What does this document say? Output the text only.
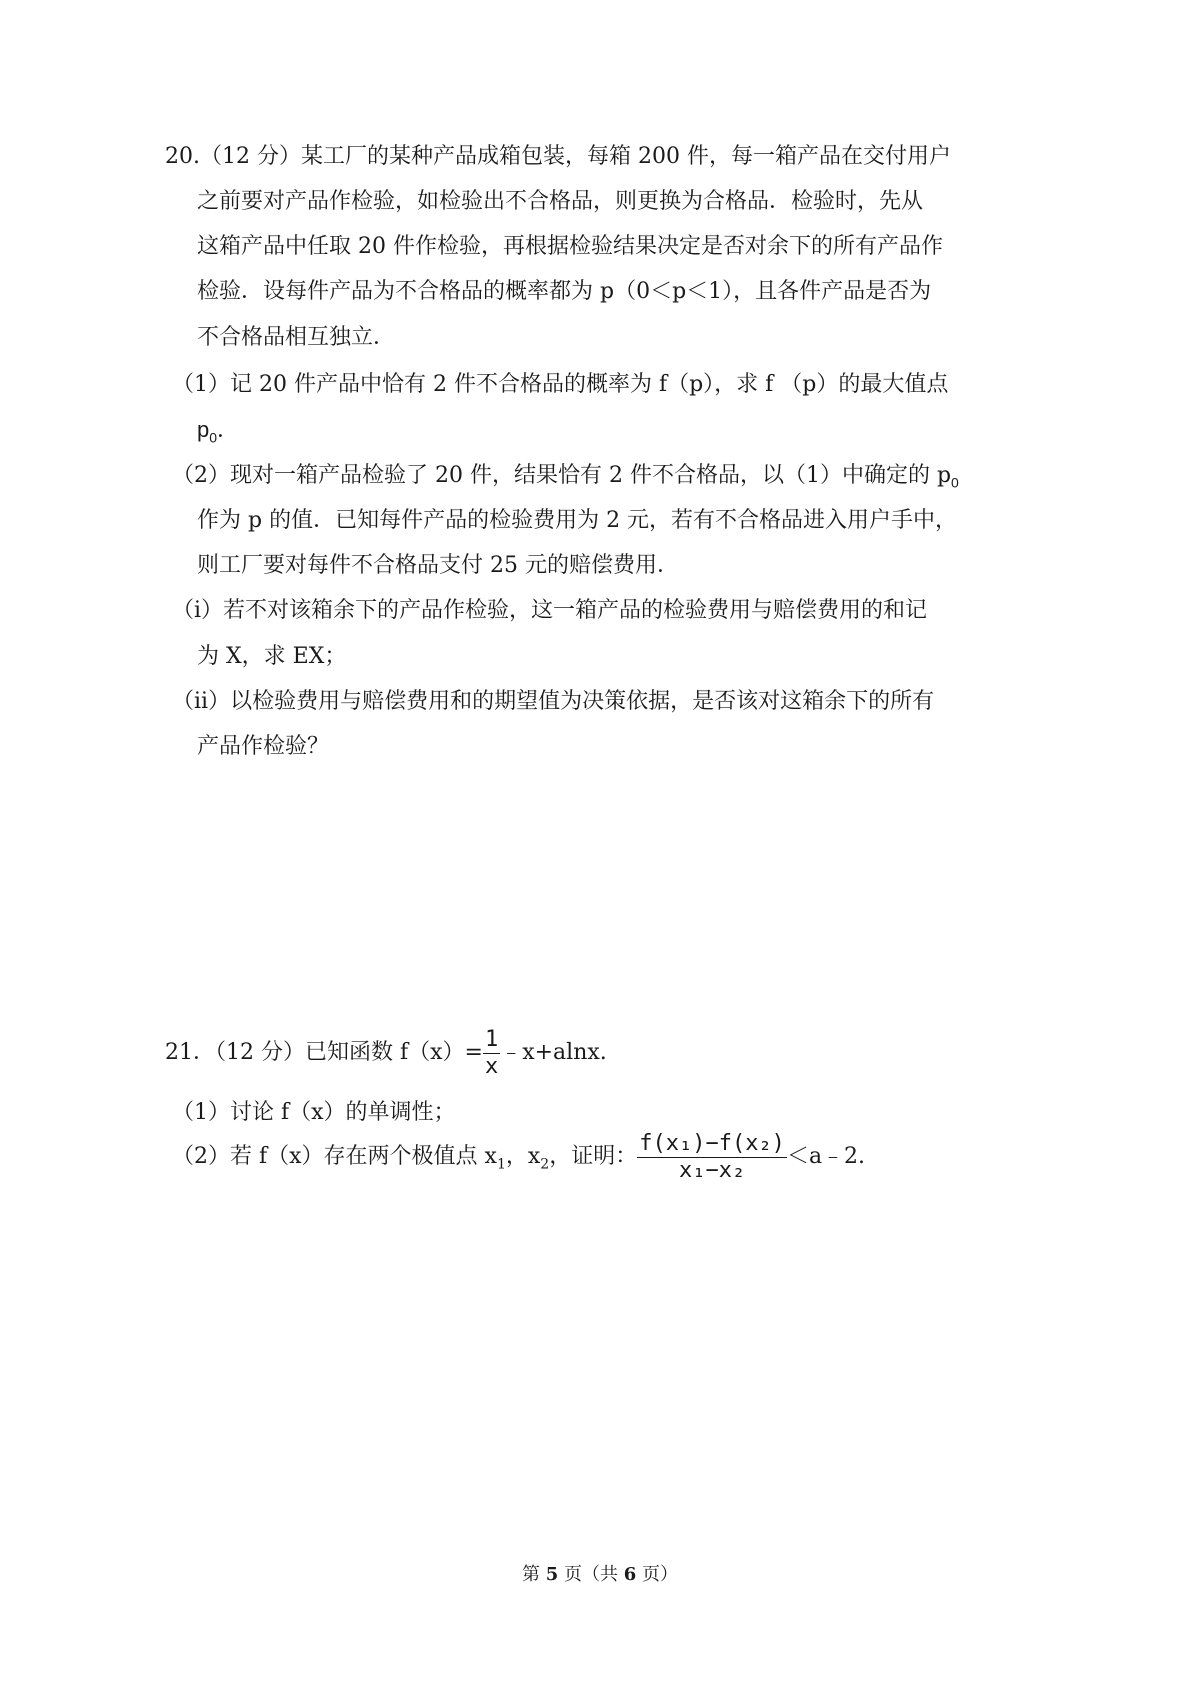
20.（12 分）某工厂的某种产品成箱包装，每箱 200 件，每一箱产品在交付用户
之前要对产品作检验，如检验出不合格品，则更换为合格品．检验时，先从
这箱产品中任取 20 件作检验，再根据检验结果决定是否对余下的所有产品作
检验．设每件产品为不合格品的概率都为 p（0＜p＜1），且各件产品是否为
不合格品相互独立．
（1）记 20 件产品中恰有 2 件不合格品的概率为 f（p），求 f （p）的最大值点
$p_0$．
（2）现对一箱产品检验了 20 件，结果恰有 2 件不合格品，以（1）中确定的 $p_0$
作为 p 的值．已知每件产品的检验费用为 2 元，若有不合格品进入用户手中，
则工厂要对每件不合格品支付 25 元的赔偿费用．
（i）若不对该箱余下的产品作检验，这一箱产品的检验费用与赔偿费用的和记
为 X，求 EX；
（ii）以检验费用与赔偿费用和的期望值为决策依据，是否该对这箱余下的所有
产品作检验？
21．（12 分）已知函数 $f(x)= \frac{1}{x}$ ﹣x+alnx.
（1）讨论 f（x）的单调性；
（2）若 f（x）存在两个极值点 $x_1$，$x_2$，证明： $\frac{\text{f(x₁)−f(x₂)}}{\text{x₁−x₂}}$ ＜a﹣2.
第 5 页（共 6 页）
